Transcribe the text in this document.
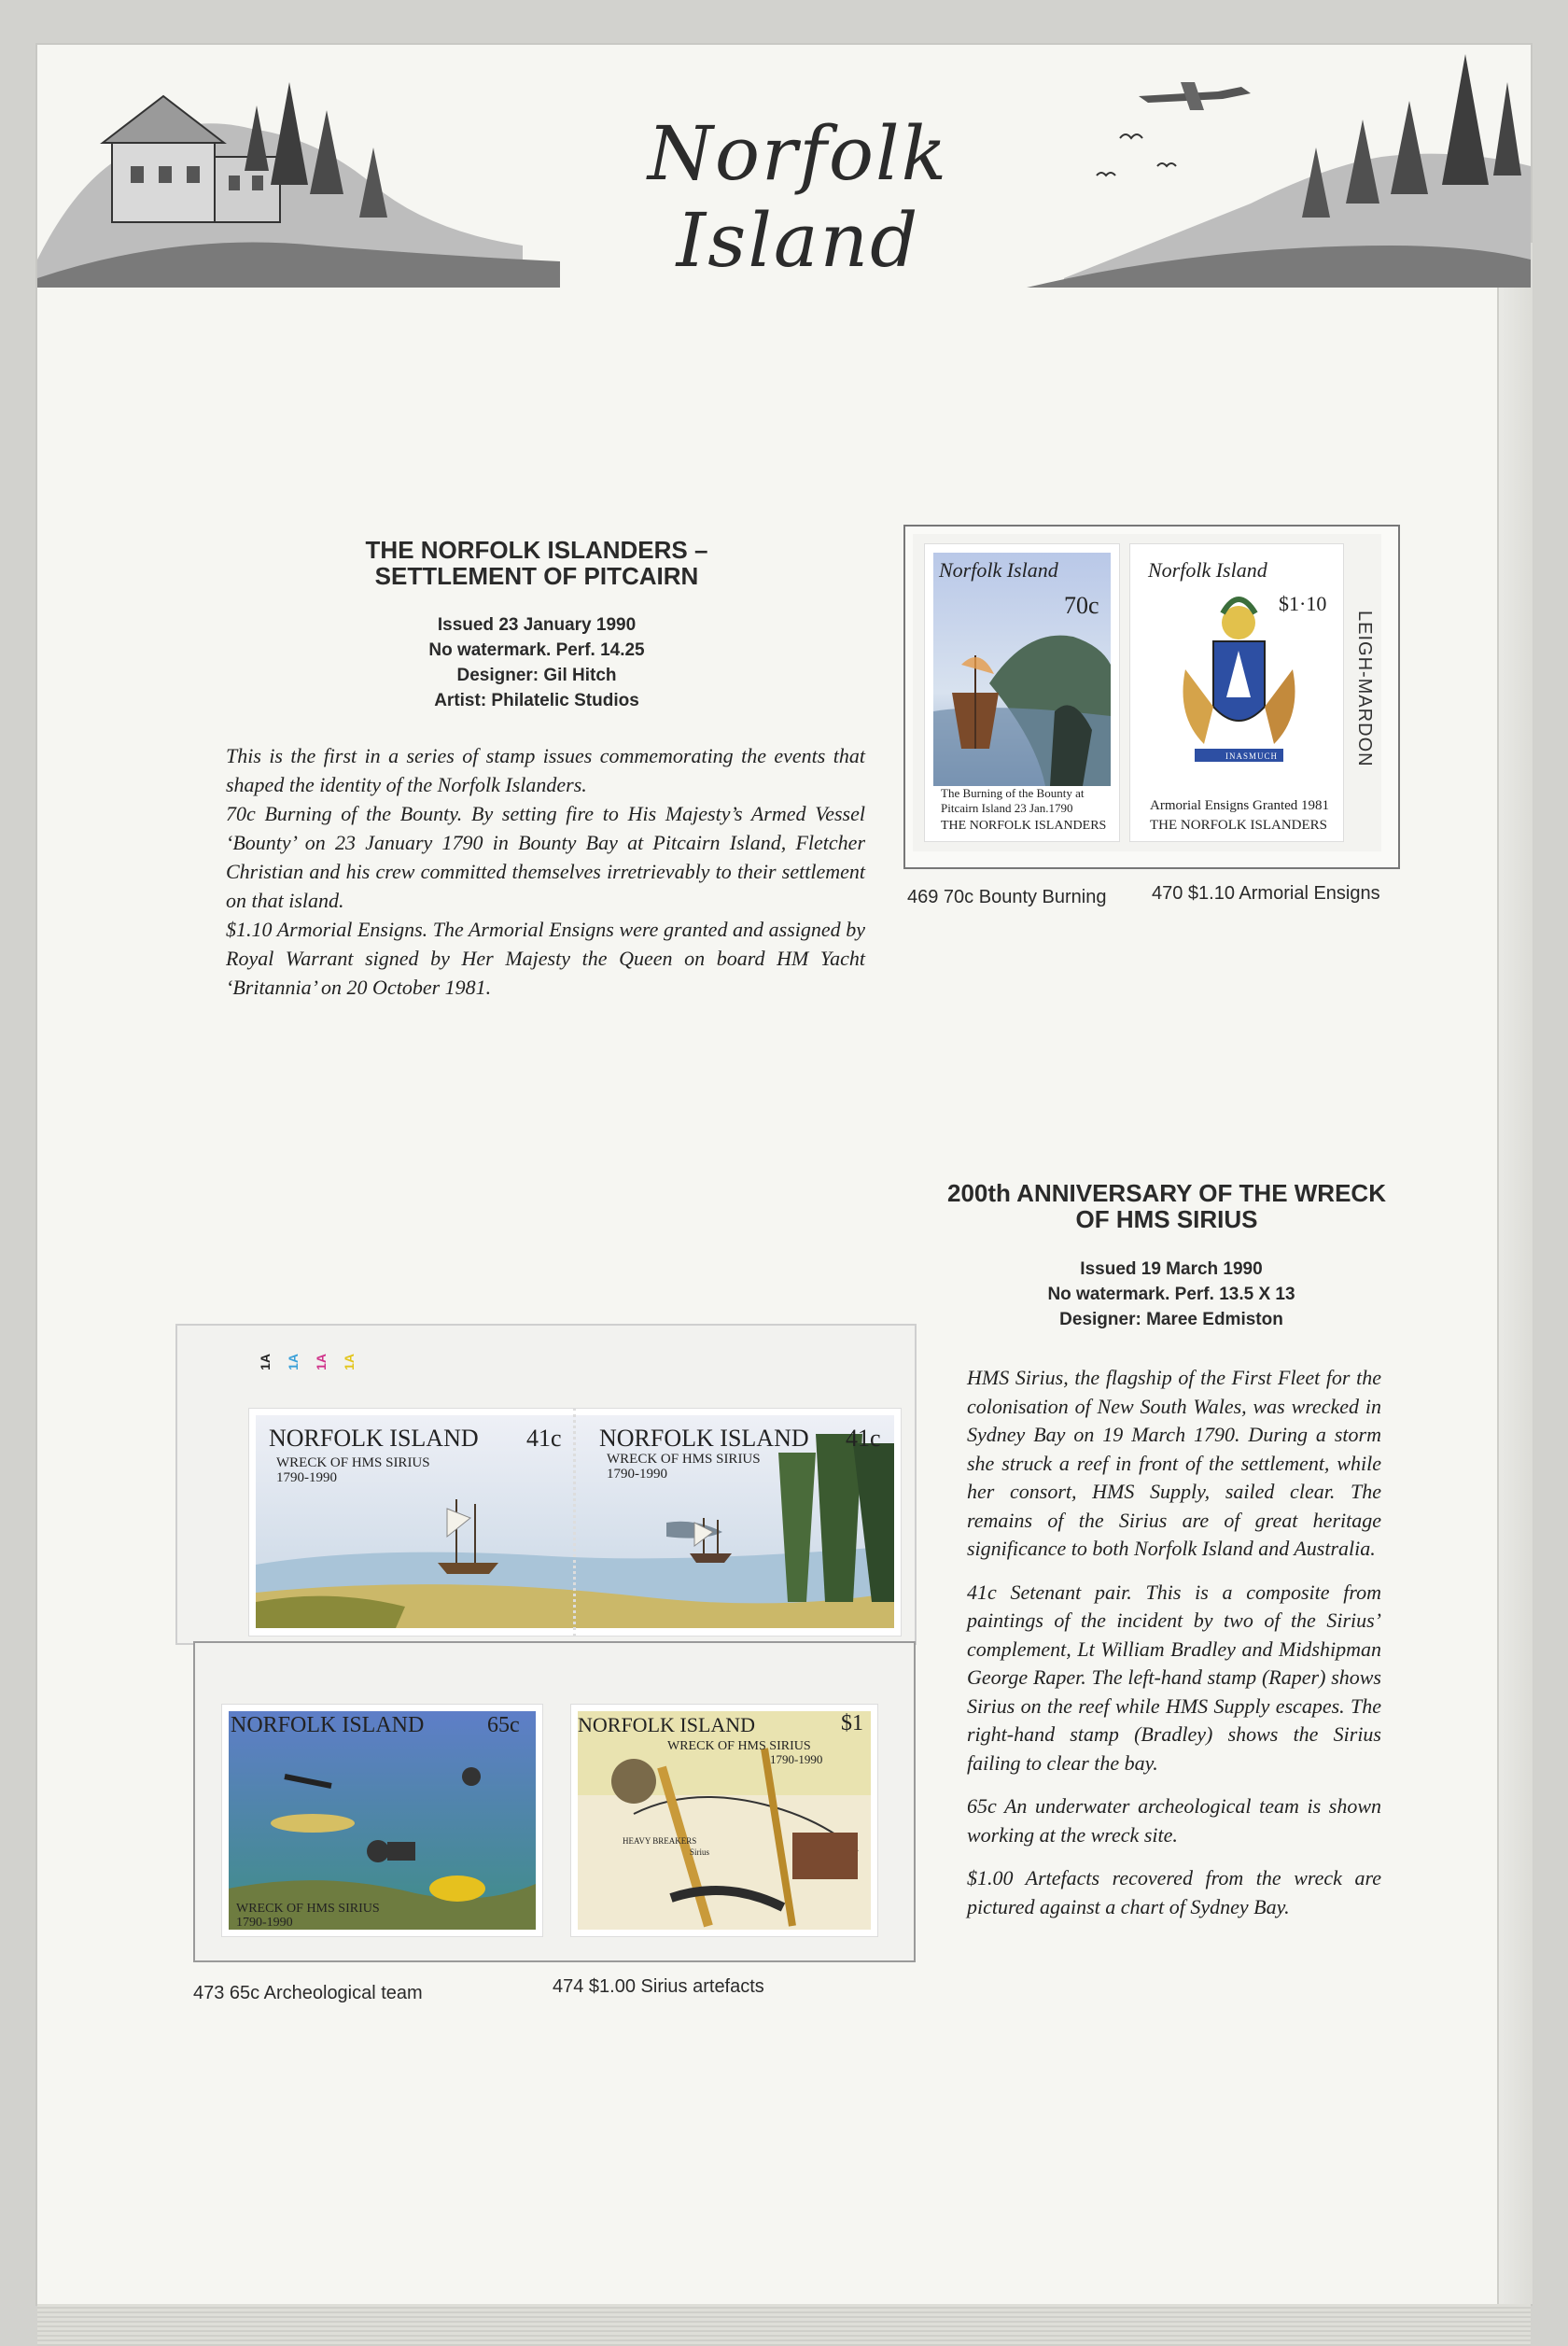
Norfolk Island
THE NORFOLK ISLANDERS –
SETTLEMENT OF PITCAIRN
Issued 23 January 1990
No watermark. Perf. 14.25
Designer: Gil Hitch
Artist: Philatelic Studios
This is the first in a series of stamp issues commemorating the events that shaped the identity of the Norfolk Islanders.
70c Burning of the Bounty. By setting fire to His Majesty’s Armed Vessel ‘Bounty’ on 23 January 1790 in Bounty Bay at Pitcairn Island, Fletcher Christian and his crew committed themselves irretrievably to their settlement on that island.
$1.10 Armorial Ensigns. The Armorial Ensigns were granted and assigned by Royal Warrant signed by Her Majesty the Queen on board HM Yacht ‘Britannia’ on 20 October 1981.
Norfolk Island
70c
The Burning of the Bounty at
Pitcairn Island 23 Jan.1790
THE NORFOLK ISLANDERS
INASMUCH
Norfolk Island
$1·10
Armorial Ensigns Granted 1981
THE NORFOLK ISLANDERS
LEIGH-MARDON
469 70c Bounty Burning 470 $1.10 Armorial Ensigns
200th ANNIVERSARY OF THE WRECK
OF HMS SIRIUS
Issued 19 March 1990
No watermark. Perf. 13.5 X 13
Designer: Maree Edmiston
HMS Sirius, the flagship of the First Fleet for the colonisation of New South Wales, was wrecked in Sydney Bay on 19 March 1790. During a storm she struck a reef in front of the settlement, while her consort, HMS Supply, sailed clear. The remains of the Sirius are of great heritage significance to both Norfolk Island and Australia.
41c Setenant pair. This is a composite from paintings of the incident by two of the Sirius’ complement, Lt William Bradley and Midshipman George Raper. The left-hand stamp (Raper) shows Sirius on the reef while HMS Supply escapes. The right-hand stamp (Bradley) shows the Sirius failing to clear the bay.
65c An underwater archeological team is shown working at the wreck site.
$1.00 Artefacts recovered from the wreck are pictured against a chart of Sydney Bay.
1A 1A 1A 1A
NORFOLK ISLAND 41c
WRECK OF HMS SIRIUS
1790-1990
NORFOLK ISLAND 41c
WRECK OF HMS SIRIUS
1790-1990
NORFOLK ISLAND	65c
WRECK OF HMS SIRIUS
1790-1990
NORFOLK ISLAND	$1
WRECK OF HMS SIRIUS
1790-1990
HEAVY BREAKERS
Sirius
473 65c Archeological team	474 $1.00 Sirius artefacts
